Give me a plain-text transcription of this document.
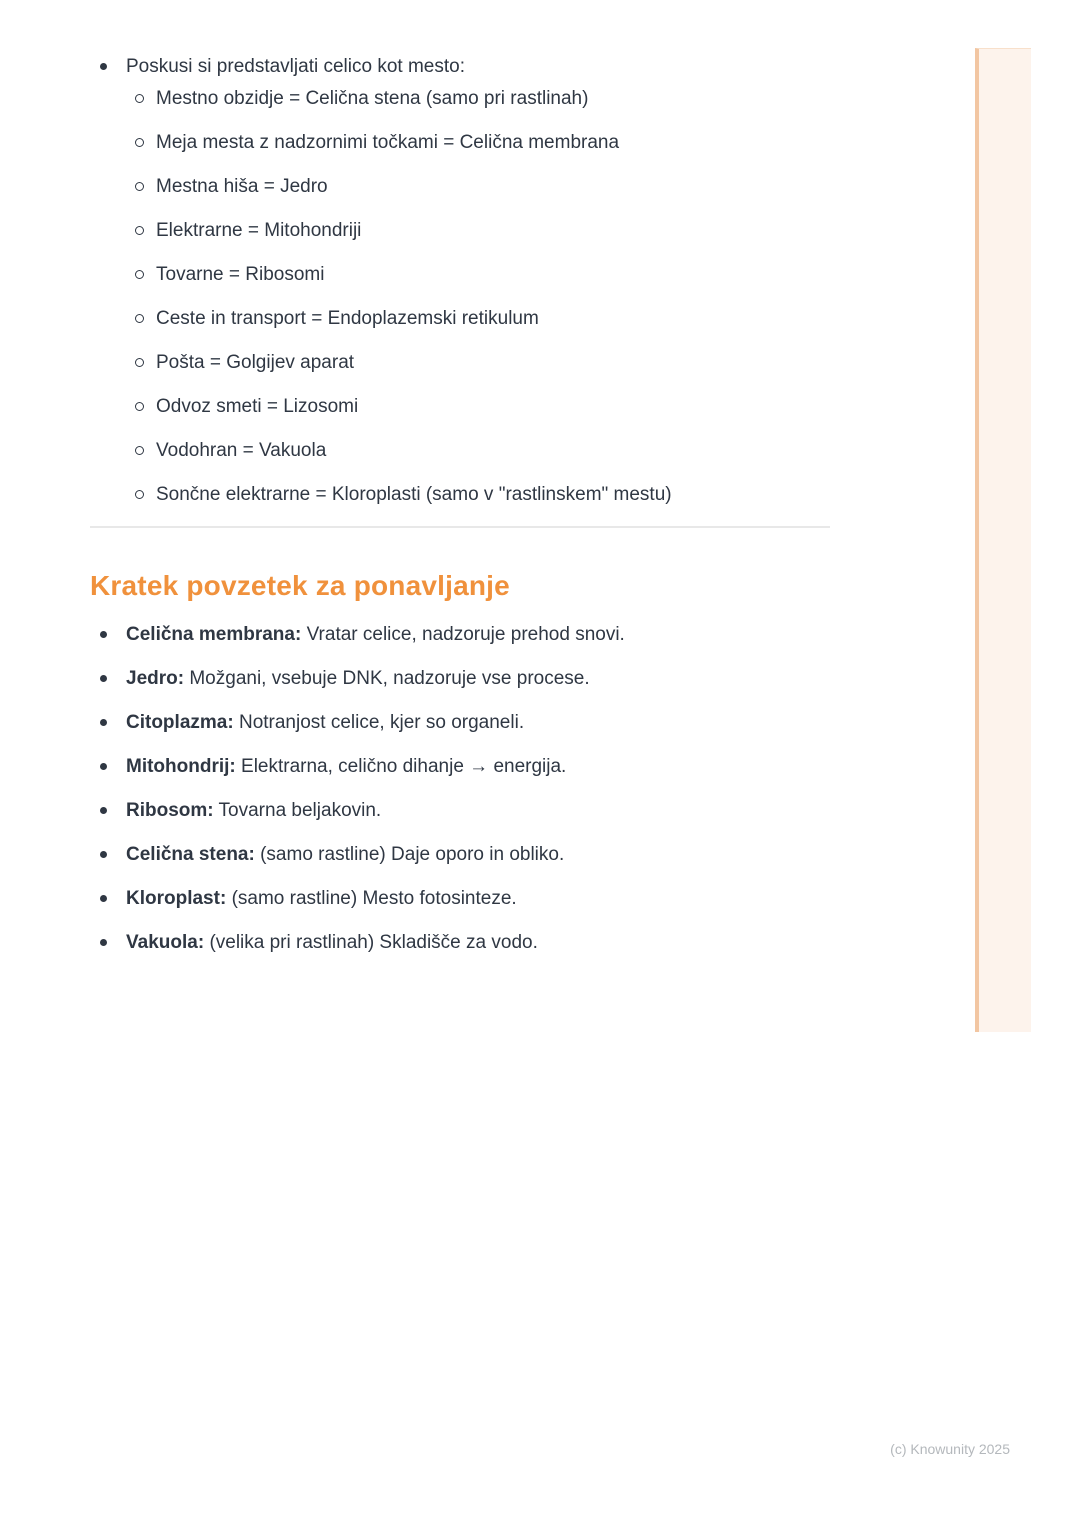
Poskusi si predstavljati celico kot mesto:
Mestno obzidje = Celična stena (samo pri rastlinah)
Meja mesta z nadzornimi točkami = Celična membrana
Mestna hiša = Jedro
Elektrarne = Mitohondriji
Tovarne = Ribosomi
Ceste in transport = Endoplazemski retikulum
Pošta = Golgijev aparat
Odvoz smeti = Lizosomi
Vodohran = Vakuola
Sončne elektrarne = Kloroplasti (samo v "rastlinskem" mestu)
Kratek povzetek za ponavljanje
Celična membrana: Vratar celice, nadzoruje prehod snovi.
Jedro: Možgani, vsebuje DNK, nadzoruje vse procese.
Citoplazma: Notranjost celice, kjer so organeli.
Mitohondrij: Elektrarna, celično dihanje → energija.
Ribosom: Tovarna beljakovin.
Celična stena: (samo rastline) Daje oporo in obliko.
Kloroplast: (samo rastline) Mesto fotosinteze.
Vakuola: (velika pri rastlinah) Skladišče za vodo.
(c) Knowunity 2025
